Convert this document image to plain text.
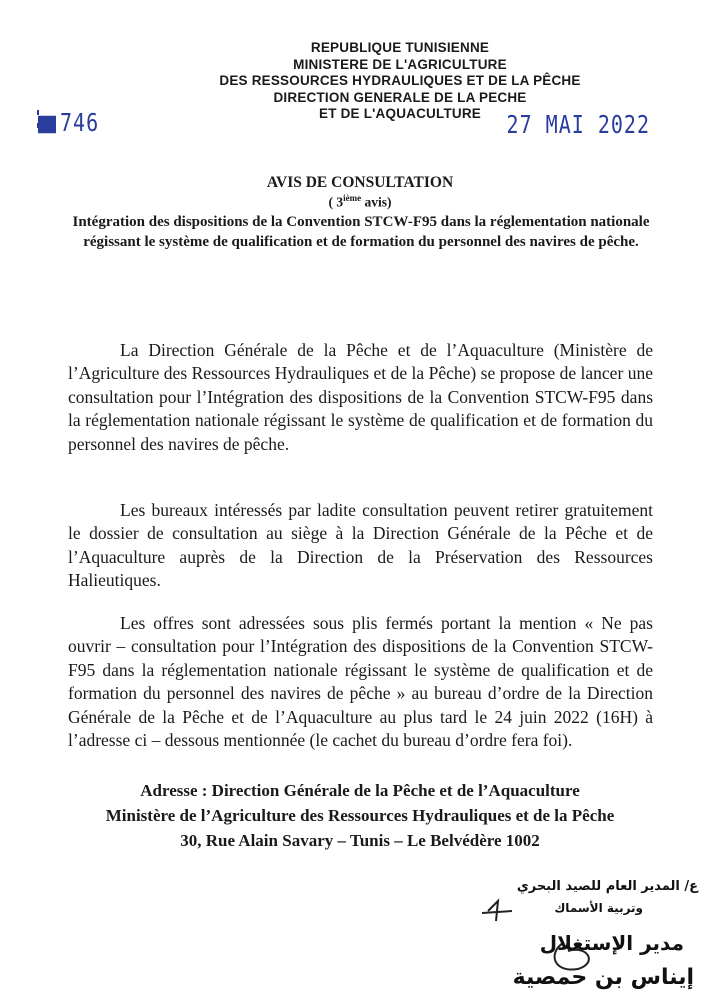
REPUBLIQUE TUNISIENNE
MINISTERE DE L'AGRICULTURE
DES RESSOURCES HYDRAULIQUES ET DE LA PÊCHE
DIRECTION GENERALE DE LA PECHE
ET DE L'AQUACULTURE
746	27 MAI 2022
AVIS DE CONSULTATION
( 3ième avis)
Intégration des dispositions de la Convention STCW-F95 dans la réglementation nationale régissant le système de qualification et de formation du personnel des navires de pêche.

La Direction Générale de la Pêche et de l’Aquaculture (Ministère de l’Agriculture des Ressources Hydrauliques et de la Pêche) se propose de lancer une consultation pour l’Intégration des dispositions de la Convention STCW-F95 dans la réglementation nationale régissant le système de qualification et de formation du personnel des navires de pêche.

Les bureaux intéressés par ladite consultation peuvent retirer gratuitement le dossier de consultation au siège à la Direction Générale de la Pêche et de l’Aquaculture auprès de la Direction de la Préservation des Ressources Halieutiques.

Les offres sont adressées sous plis fermés portant la mention « Ne pas ouvrir – consultation pour l’Intégration des dispositions de la Convention STCW-F95 dans la réglementation nationale régissant le système de qualification et de formation du personnel des navires de pêche » au bureau d’ordre de la Direction Générale de la Pêche et de l’Aquaculture au plus tard le 24 juin 2022 (16H) à l’adresse ci – dessous mentionnée (le cachet du bureau d’ordre fera foi).

Adresse : Direction Générale de la Pêche et de l’Aquaculture
Ministère de l’Agriculture des Ressources Hydrauliques et de la Pêche
30, Rue Alain Savary – Tunis – Le Belvédère 1002
ع/ المدير العام للصيد البحري
وتربية الأسماك
مدير الإستغلال
إيناس بن حمصية
